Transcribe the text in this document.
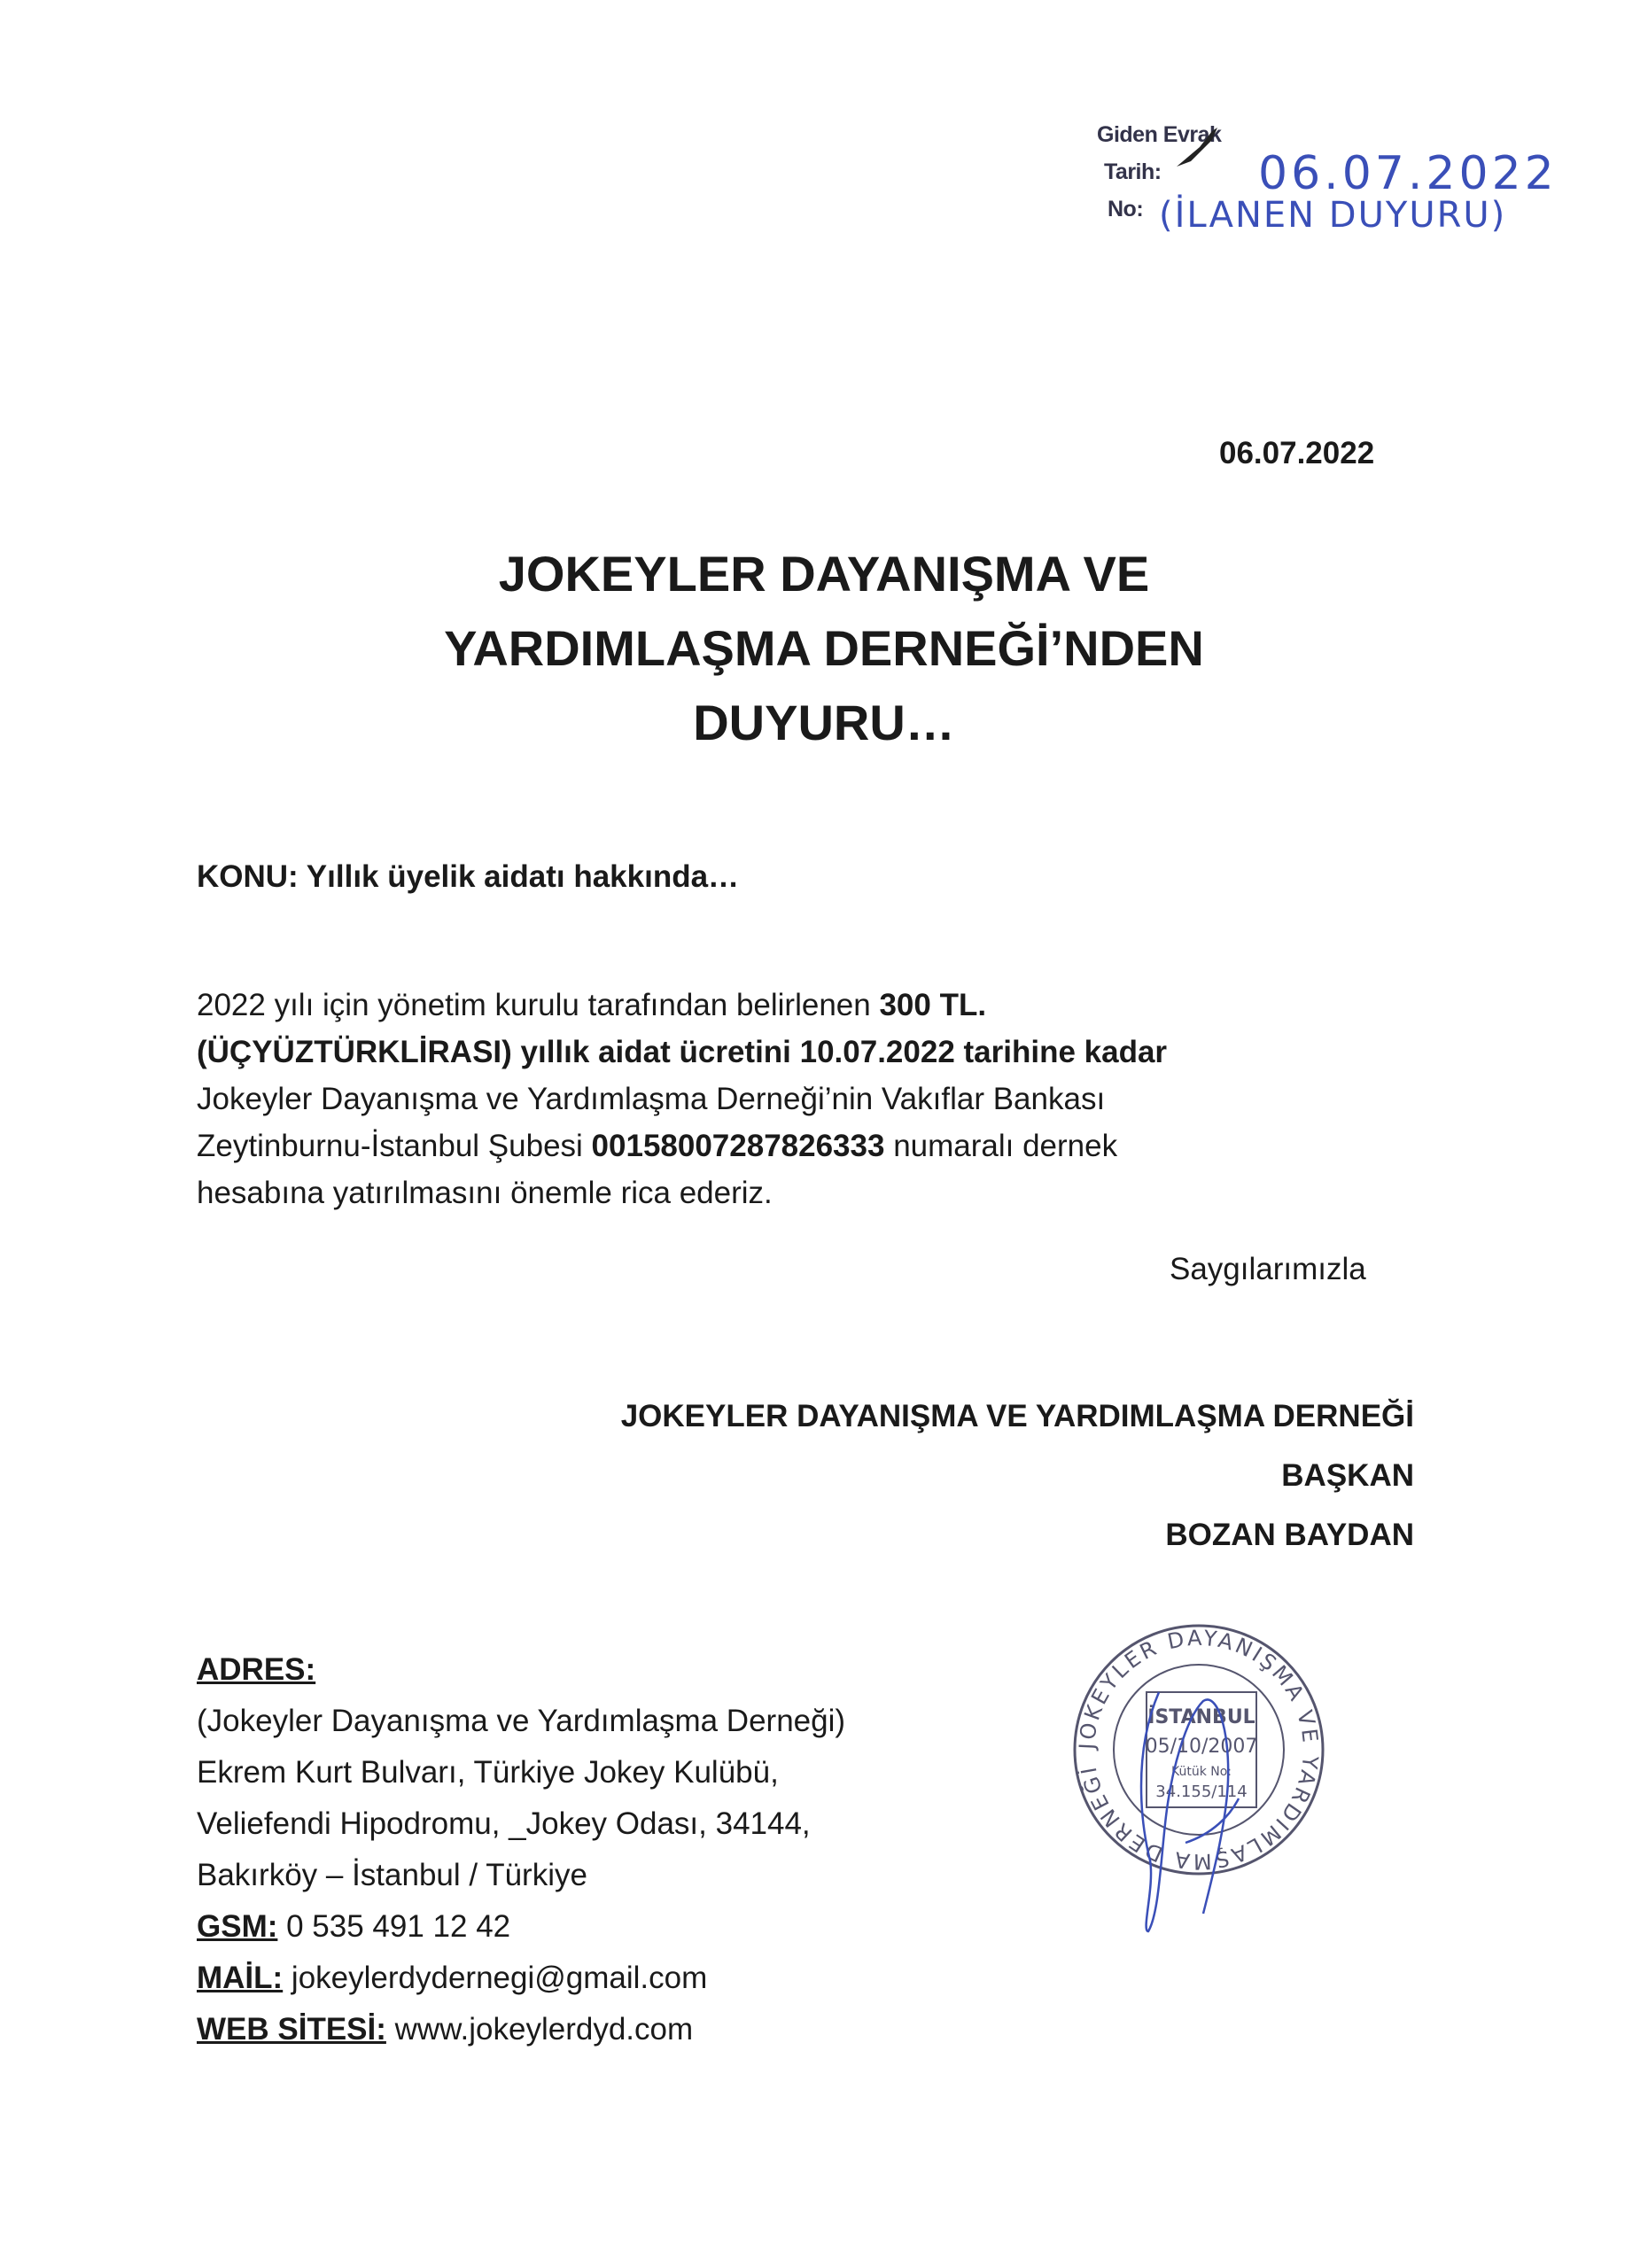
Giden Evrak
Tarih:
No:
06.07.2022
(İLANEN DUYURU)
06.07.2022
JOKEYLER DAYANIŞMA VE
YARDIMLAŞMA DERNEĞİ’NDEN
DUYURU…
KONU: Yıllık üyelik aidatı hakkında…
2022 yılı için yönetim kurulu tarafından belirlenen 300 TL.
(ÜÇYÜZTÜRKLİRASI) yıllık aidat ücretini 10.07.2022 tarihine kadar
Jokeyler Dayanışma ve Yardımlaşma Derneği’nin Vakıflar Bankası
Zeytinburnu-İstanbul Şubesi 00158007287826333 numaralı dernek
hesabına yatırılmasını önemle rica ederiz.
Saygılarımızla
JOKEYLER DAYANIŞMA VE YARDIMLAŞMA DERNEĞİ
BAŞKAN
BOZAN BAYDAN
ADRES:
(Jokeyler Dayanışma ve Yardımlaşma Derneği)
Ekrem Kurt Bulvarı, Türkiye Jokey Kulübü,
Veliefendi Hipodromu, _Jokey Odası, 34144,
Bakırköy – İstanbul / Türkiye
GSM: 0 535 491 12 42
MAİL: jokeylerdydernegi@gmail.com
WEB SİTESİ: www.jokeylerdyd.com
JOKEYLER DAYANIŞMA VE YARDIMLAŞMA DERNEĞİ
İSTANBUL
05/10/2007
Kütük No:
34.155/114
